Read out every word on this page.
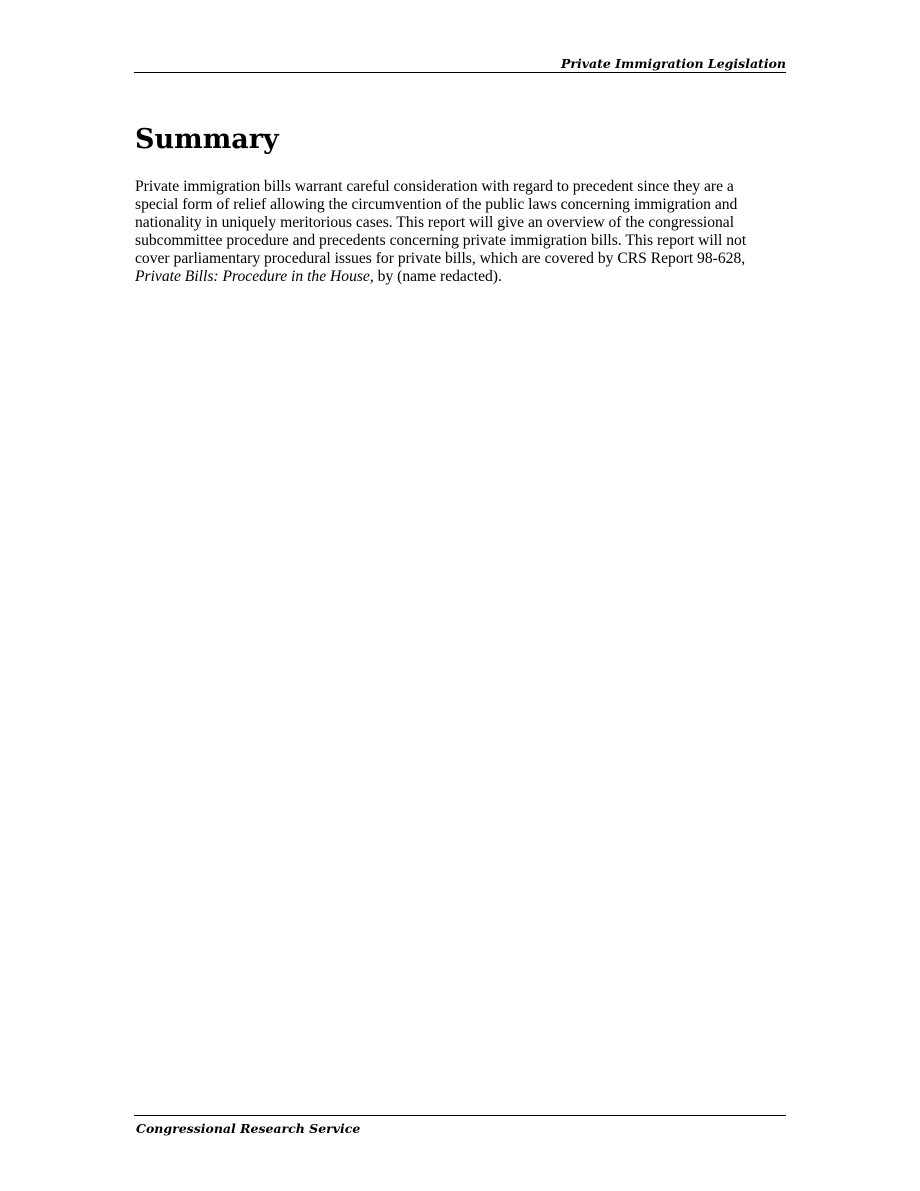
Private Immigration Legislation
Summary

Private immigration bills warrant careful consideration with regard to precedent since they are a
special form of relief allowing the circumvention of the public laws concerning immigration and
nationality in uniquely meritorious cases. This report will give an overview of the congressional
subcommittee procedure and precedents concerning private immigration bills. This report will not
cover parliamentary procedural issues for private bills, which are covered by CRS Report 98-628,
Private Bills: Procedure in the House, by (name redacted).

Congressional Research Service
